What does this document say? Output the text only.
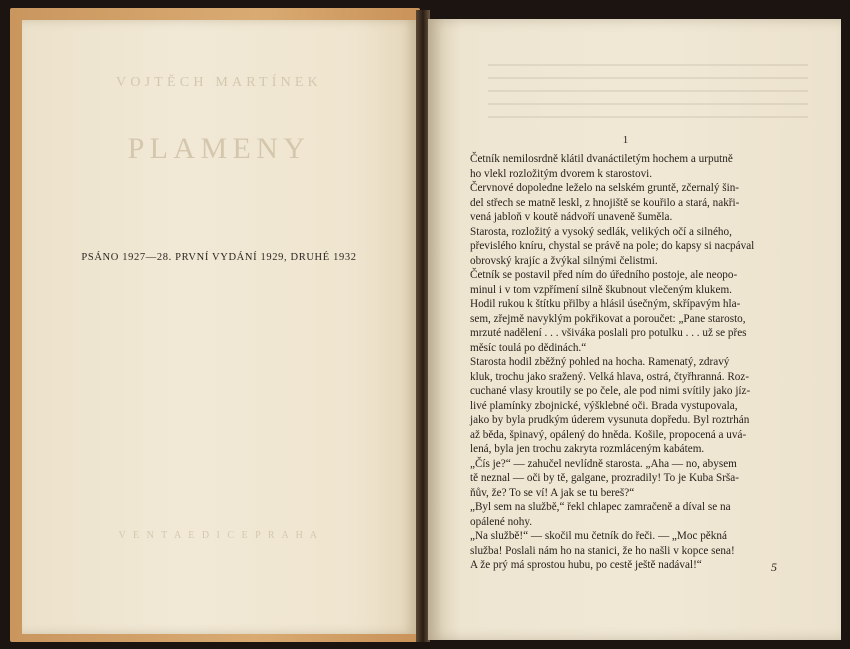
VOJTĚCH MARTÍNEK
PLAMENY
PSÁNO 1927—28. PRVNÍ VYDÁNÍ 1929, DRUHÉ 1932
V E N T A E D I C E P R A H A
1
Četník nemilosrdně klátil dvanáctiletým hochem a urputně
ho vlekl rozložitým dvorem k starostovi.
Červnové dopoledne leželo na selském gruntě, zčernalý šin-
del střech se matně leskl, z hnojiště se kouřilo a stará, nakři-
vená jabloň v koutě nádvoří unaveně šuměla.
Starosta, rozložitý a vysoký sedlák, velikých očí a silného,
převislého kníru, chystal se právě na pole; do kapsy si nacpával
obrovský krajíc a žvýkal silnými čelistmi.
Četník se postavil před ním do úředního postoje, ale neopo-
minul i v tom vzpřímení silně škubnout vlečeným klukem.
Hodil rukou k štítku přilby a hlásil úsečným, skřípavým hla-
sem, zřejmě navyklým pokřikovat a poroučet: „Pane starosto,
mrzuté nadělení . . . všiváka poslali pro potulku . . . už se přes
měsíc toulá po dědinách.“
Starosta hodil zběžný pohled na hocha. Ramenatý, zdravý
kluk, trochu jako sražený. Velká hlava, ostrá, čtyřhranná. Roz-
cuchané vlasy kroutily se po čele, ale pod nimi svítily jako jíz-
livé plamínky zbojnické, výšklebné oči. Brada vystupovala,
jako by byla prudkým úderem vysunuta dopředu. Byl roztrhán
až běda, špinavý, opálený do hněda. Košile, propocená a uvá-
lená, byla jen trochu zakryta rozmláceným kabátem.
„Čís je?“ — zahučel nevlídně starosta. „Aha — no, abysem
tě neznal — oči by tě, galgane, prozradily! To je Kuba Srša-
ňův, že? To se ví! A jak se tu bereš?“
„Byl sem na službě,“ řekl chlapec zamračeně a díval se na
opálené nohy.
„Na službě!“ — skočil mu četník do řeči. — „Moc pěkná
služba! Poslali nám ho na stanici, že ho našli v kopce sena!
A že prý má sprostou hubu, po cestě ještě nadával!“	5
